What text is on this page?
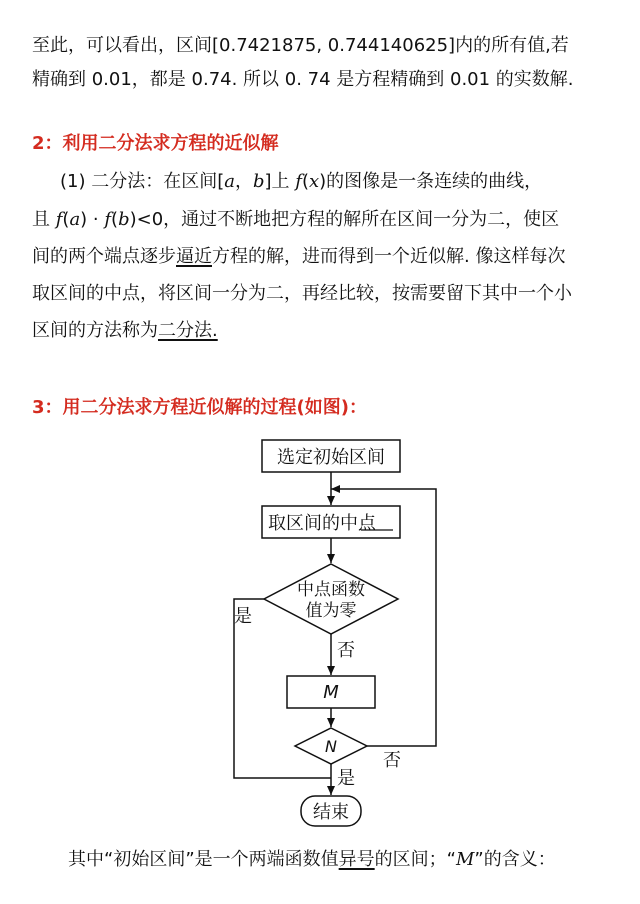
至此，可以看出，区间[0.7421875, 0.744140625]内的所有值,若
精确到 0.01，都是 0.74. 所以 0. 74 是方程精确到 0.01 的实数解.
2：利用二分法求方程的近似解
(1) 二分法：在区间[a，b]上 f(x)的图像是一条连续的曲线，
且 f(a) · f(b)<0，通过不断地把方程的解所在区间一分为二，使区
间的两个端点逐步逼近方程的解，进而得到一个近似解. 像这样每次
取区间的中点，将区间一分为二，再经比较，按需要留下其中一个小
区间的方法称为二分法.
3：用二分法求方程近似解的过程(如图)：
选定初始区间
取区间的中点
中点函数
值为零
是
否
M
N
否
是
结束
其中“初始区间”是一个两端函数值异号的区间；“M”的含义：
